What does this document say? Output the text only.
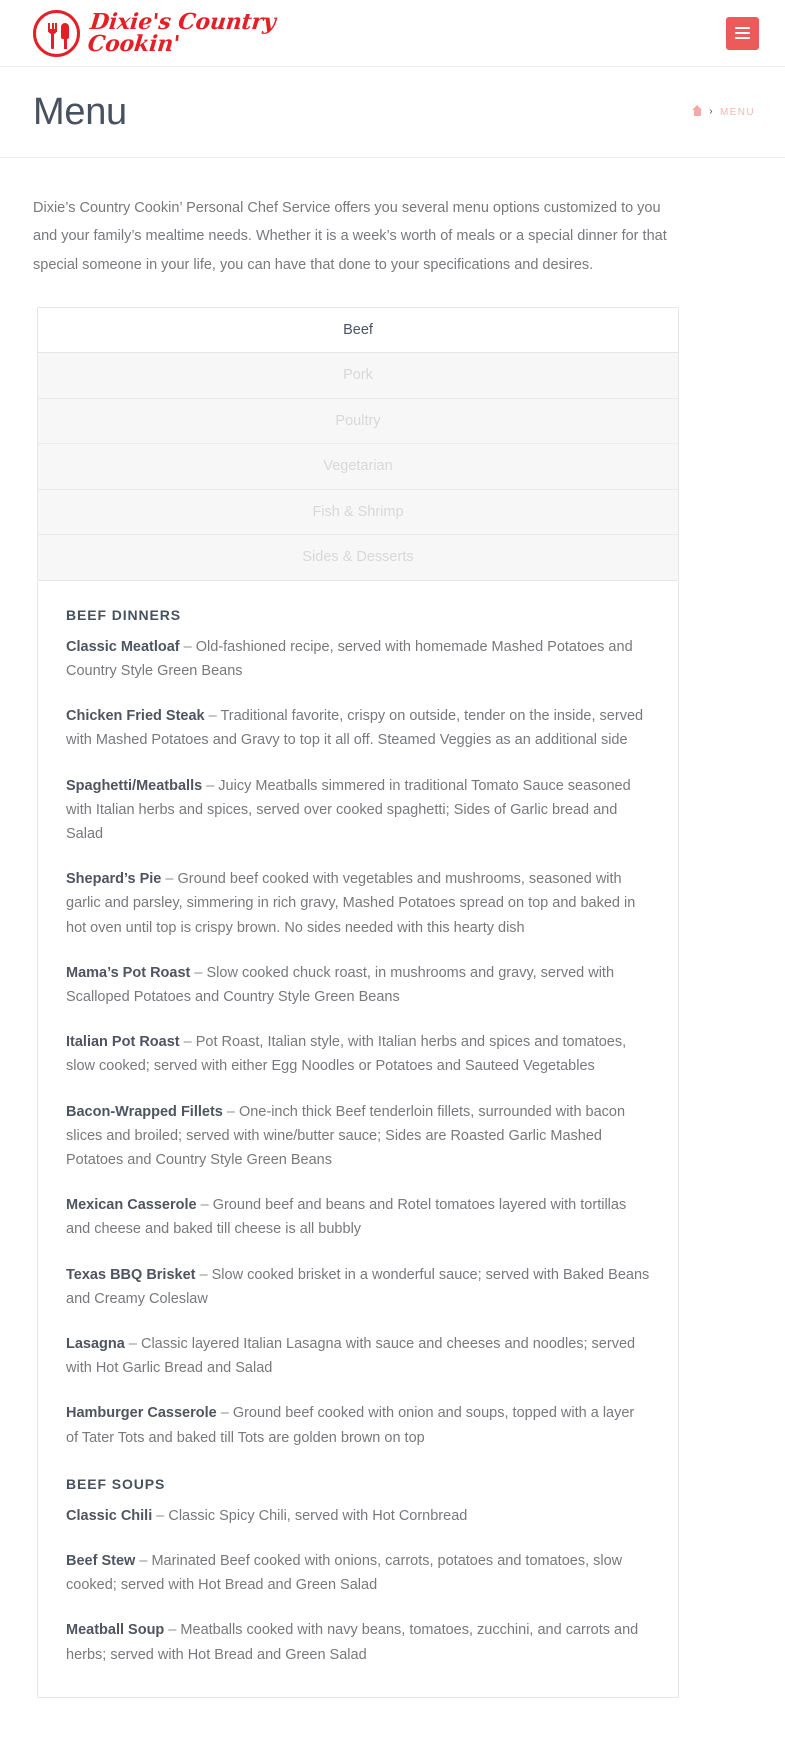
Dixie's Country
Cookin'
Menu	› MENU

Dixie’s Country Cookin’ Personal Chef Service offers you several menu options customized to you and your family’s mealtime needs. Whether it is a week’s worth of meals or a special dinner for that special someone in your life, you can have that done to your specifications and desires.

Beef
Pork
Poultry
Vegetarian
Fish & Shrimp
Sides & Desserts
BEEF DINNERS

Classic Meatloaf – Old-fashioned recipe, served with homemade Mashed Potatoes and Country Style Green Beans

Chicken Fried Steak – Traditional favorite, crispy on outside, tender on the inside, served with Mashed Potatoes and Gravy to top it all off. Steamed Veggies as an additional side

Spaghetti/Meatballs – Juicy Meatballs simmered in traditional Tomato Sauce seasoned with Italian herbs and spices, served over cooked spaghetti; Sides of Garlic bread and Salad

Shepard’s Pie – Ground beef cooked with vegetables and mushrooms, seasoned with garlic and parsley, simmering in rich gravy, Mashed Potatoes spread on top and baked in hot oven until top is crispy brown. No sides needed with this hearty dish

Mama’s Pot Roast – Slow cooked chuck roast, in mushrooms and gravy, served with Scalloped Potatoes and Country Style Green Beans

Italian Pot Roast – Pot Roast, Italian style, with Italian herbs and spices and tomatoes, slow cooked; served with either Egg Noodles or Potatoes and Sauteed Vegetables

Bacon-Wrapped Fillets – One-inch thick Beef tenderloin fillets, surrounded with bacon slices and broiled; served with wine/butter sauce; Sides are Roasted Garlic Mashed Potatoes and Country Style Green Beans

Mexican Casserole – Ground beef and beans and Rotel tomatoes layered with tortillas and cheese and baked till cheese is all bubbly

Texas BBQ Brisket – Slow cooked brisket in a wonderful sauce; served with Baked Beans and Creamy Coleslaw

Lasagna – Classic layered Italian Lasagna with sauce and cheeses and noodles; served with Hot Garlic Bread and Salad

Hamburger Casserole – Ground beef cooked with onion and soups, topped with a layer of Tater Tots and baked till Tots are golden brown on top

BEEF SOUPS

Classic Chili – Classic Spicy Chili, served with Hot Cornbread

Beef Stew – Marinated Beef cooked with onions, carrots, potatoes and tomatoes, slow cooked; served with Hot Bread and Green Salad

Meatball Soup – Meatballs cooked with navy beans, tomatoes, zucchini, and carrots and herbs; served with Hot Bread and Green Salad
